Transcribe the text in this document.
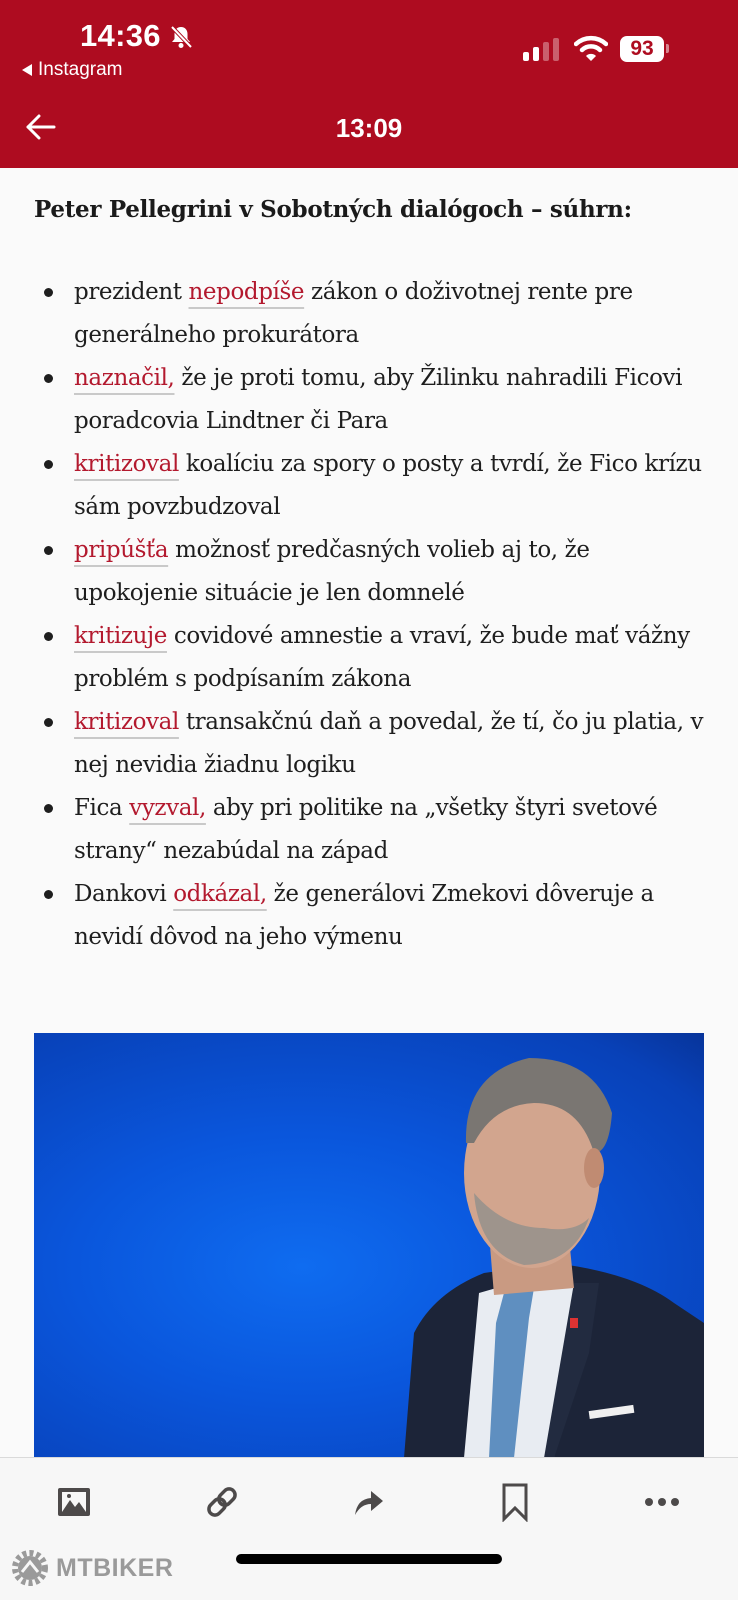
14:36
Instagram
93
13:09
Peter Pellegrini v Sobotných dialógoch – súhrn:
prezident nepodpíše zákon o doživotnej rente pre generálneho prokurátora
naznačil, že je proti tomu, aby Žilinku nahradili Ficovi poradcovia Lindtner či Para
kritizoval koalíciu za spory o posty a tvrdí, že Fico krízu sám povzbudzoval
pripúšťa možnosť predčasných volieb aj to, že upokojenie situácie je len domnelé
kritizuje covidové amnestie a vraví, že bude mať vážny problém s podpísaním zákona
kritizoval transakčnú daň a povedal, že tí, čo ju platia, v nej nevidia žiadnu logiku
Fica vyzval, aby pri politike na „všetky štyri svetové strany“ nezabúdal na západ
Dankovi odkázal, že generálovi Zmekovi dôveruje a nevidí dôvod na jeho výmenu
MTBIKER
